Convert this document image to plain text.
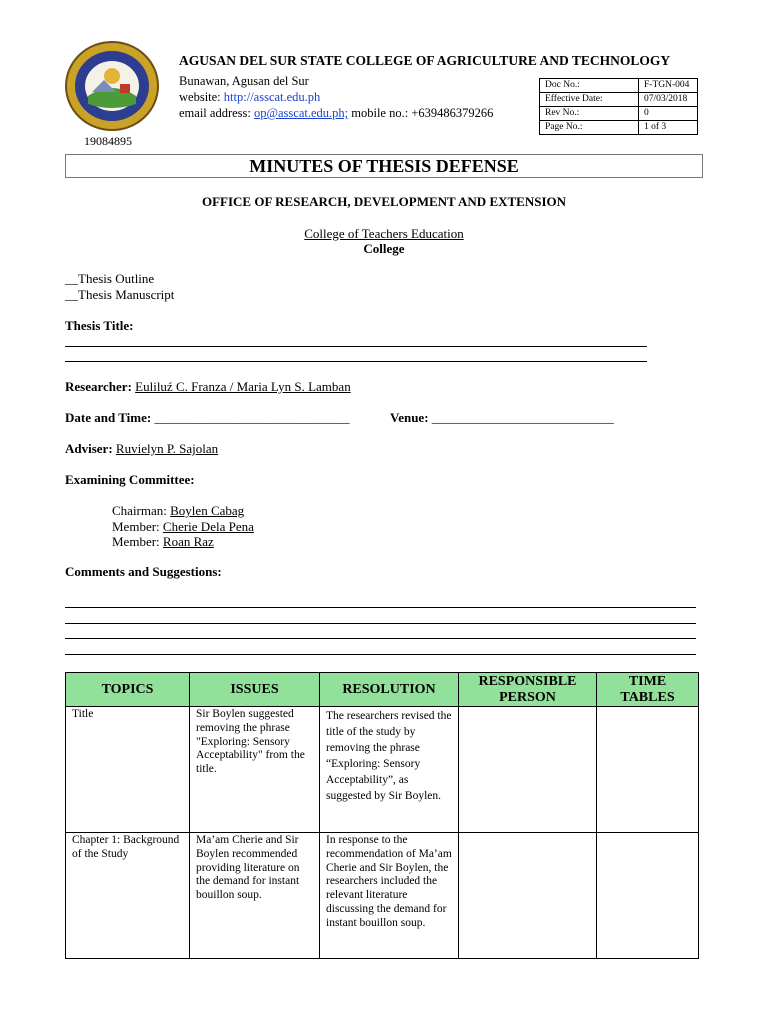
19084895
AGUSAN DEL SUR STATE COLLEGE OF AGRICULTURE AND TECHNOLOGY
Bunawan, Agusan del Sur
website: http://asscat.edu.ph
email address: op@asscat.edu.ph; mobile no.: +639486379266
Doc No.:	F-TGN-004
Effective Date:	07/03/2018
Rev No.:	0
Page No.:	1 of 3
MINUTES OF THESIS DEFENSE
OFFICE OF RESEARCH, DEVELOPMENT AND EXTENSION
College of Teachers Education
College
__Thesis Outline
__Thesis Manuscript
Thesis Title:
Researcher: Euliluź C. Franza / Maria Lyn S. Lamban
Date and Time: ______________________________	Venue: ____________________________
Adviser: Ruvielyn P. Sajolan
Examining Committee:
Chairman: Boylen Cabag
Member: Cherie Dela Pena
Member: Roan Raz
Comments and Suggestions:
TOPICS	ISSUES	RESOLUTION	RESPONSIBLE PERSON	TIME TABLES
Title	Sir Boylen suggested removing the phrase "Exploring: Sensory Acceptability" from the title.	The researchers revised the title of the study by removing the phrase “Exploring: Sensory Acceptability”, as suggested by Sir Boylen.		
Chapter 1: Background of the Study	Ma’am Cherie and Sir Boylen recommended providing literature on the demand for instant bouillon soup.	In response to the recommendation of Ma’am Cherie and Sir Boylen, the researchers included the relevant literature discussing the demand for instant bouillon soup.		
